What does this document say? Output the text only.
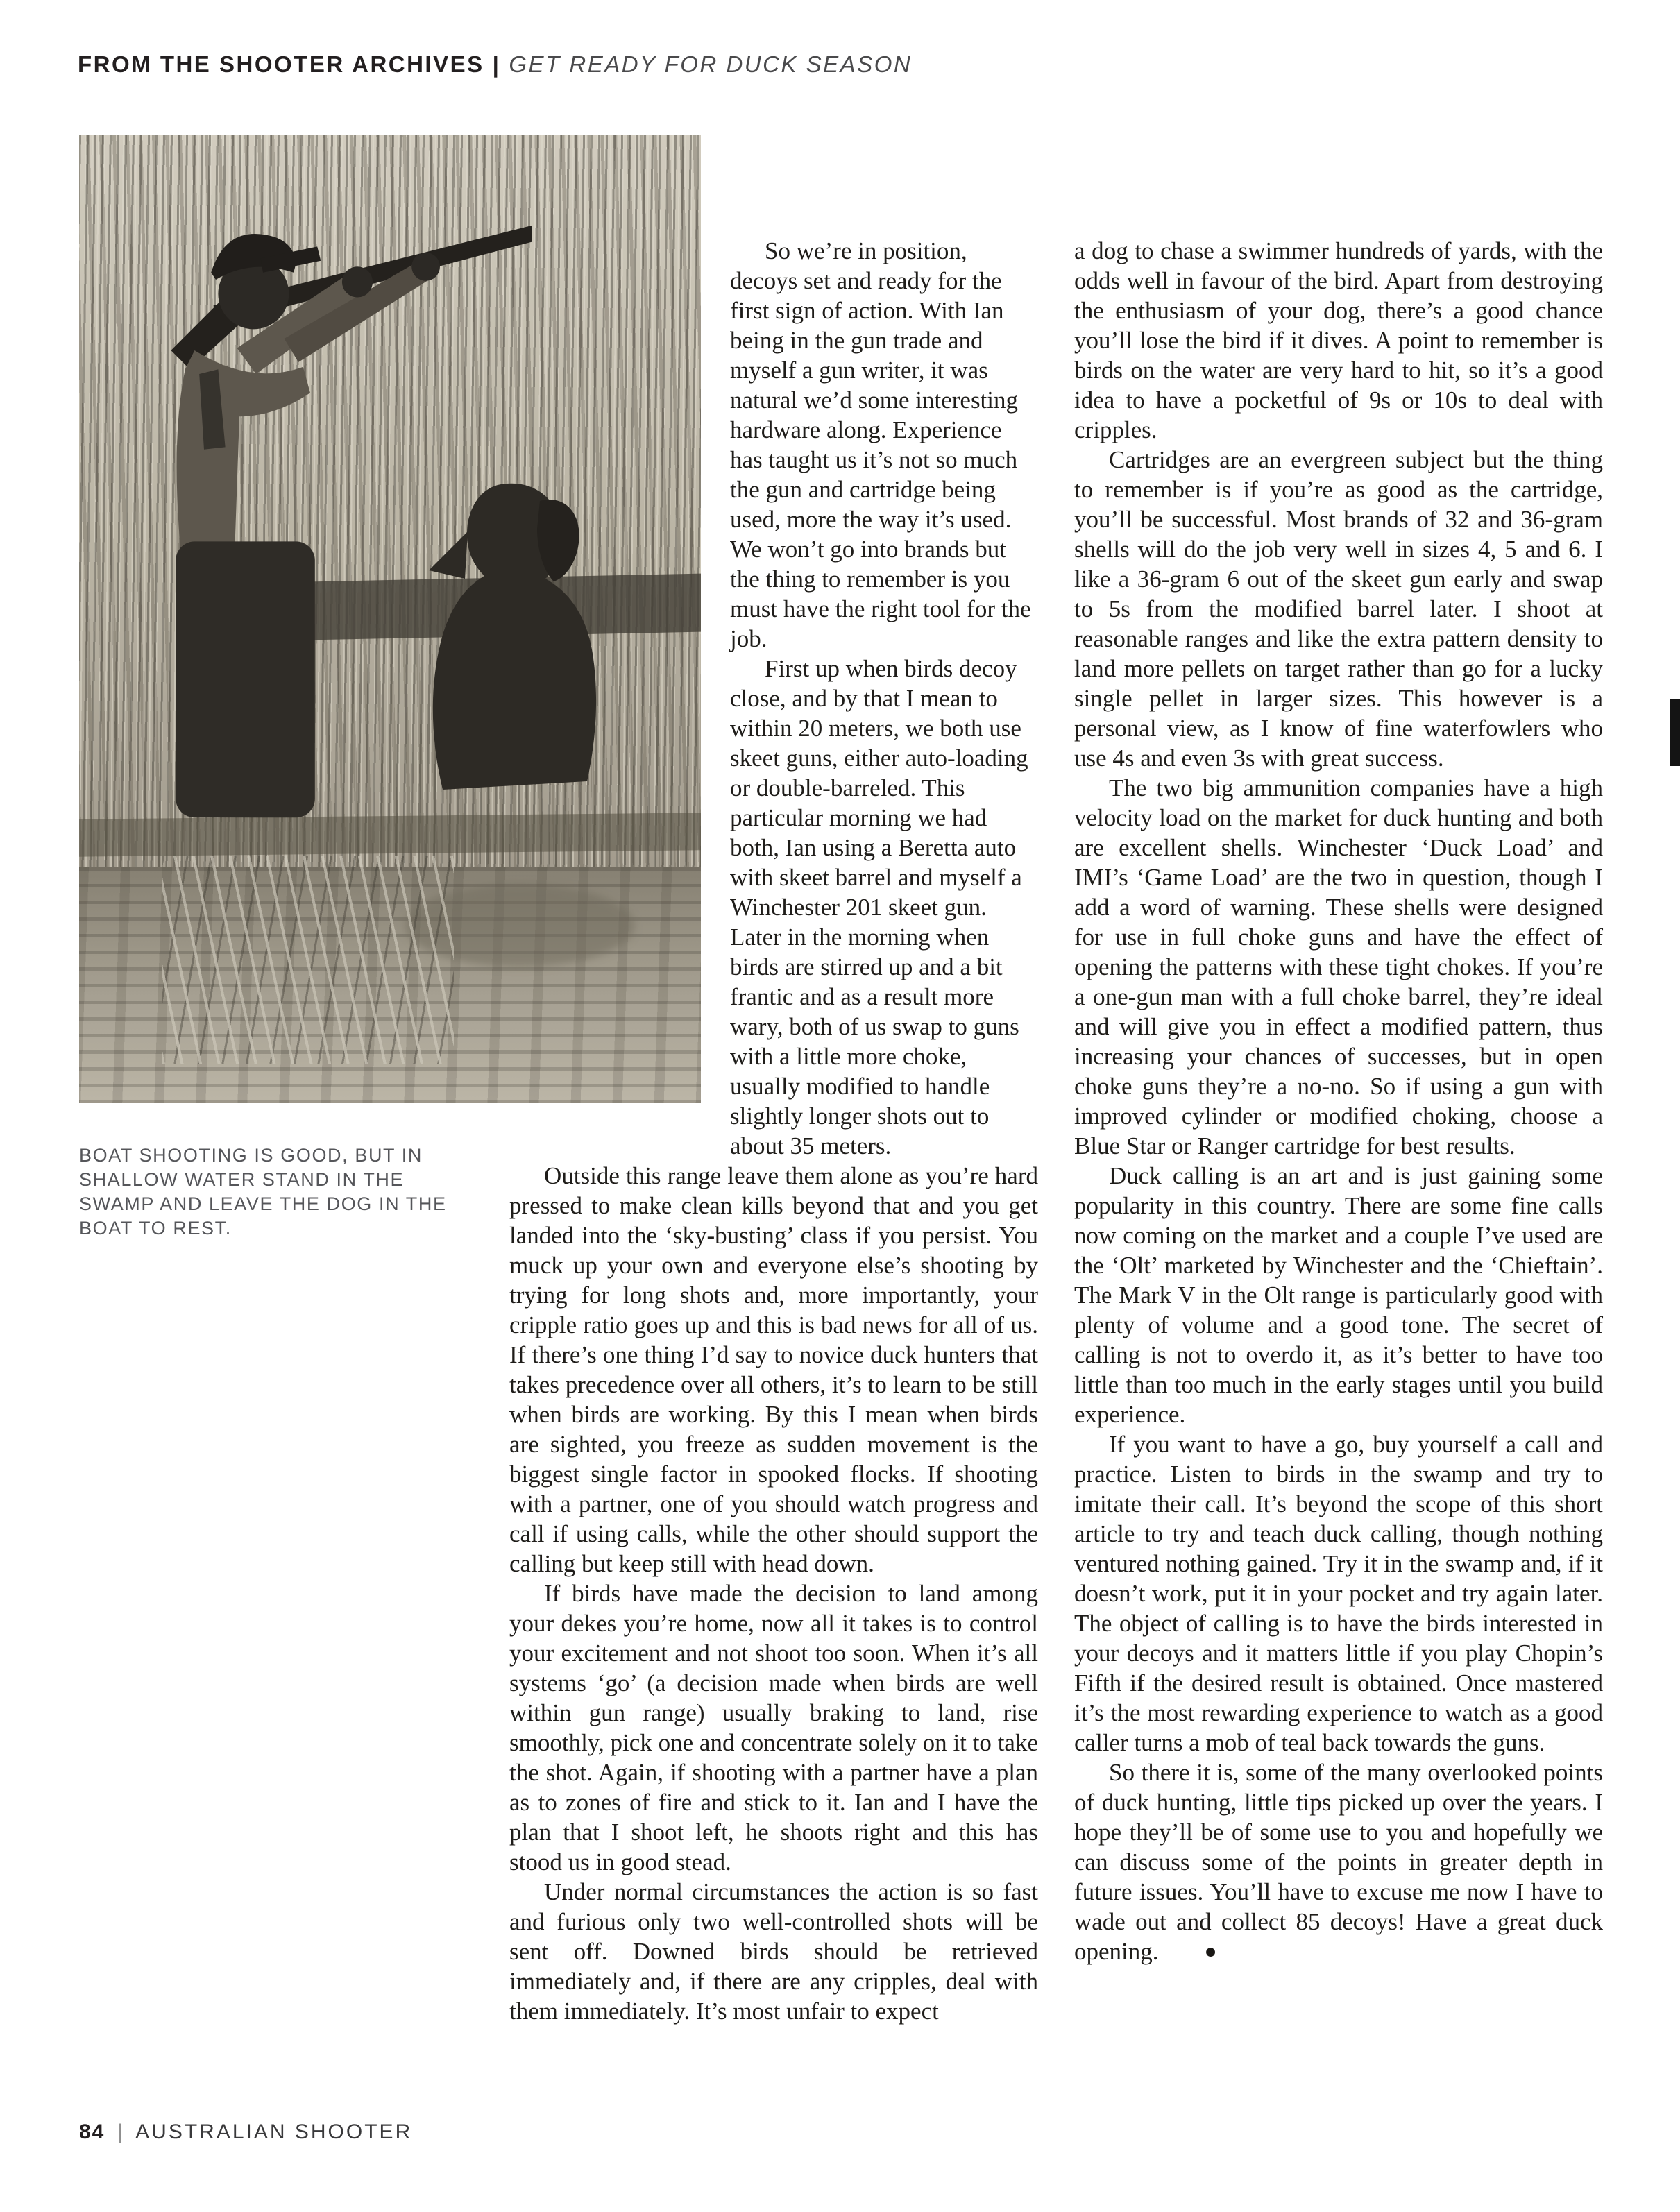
FROM THE SHOOTER ARCHIVES | GET READY FOR DUCK SEASON
BOAT SHOOTING IS GOOD, BUT IN SHALLOW WATER STAND IN THE SWAMP AND LEAVE THE DOG IN THE BOAT TO REST.

So we’re in position, decoys set and ready for the first sign of action. With Ian being in the gun trade and myself a gun writer, it was natural we’d some interesting hardware along. Experience has taught us it’s not so much the gun and cartridge being used, more the way it’s used. We won’t go into brands but the thing to remember is you must have the right tool for the job.

First up when birds decoy close, and by that I mean to within 20 meters, we both use skeet guns, either auto-loading or double-barreled. This particular morning we had both, Ian using a Beretta auto with skeet barrel and myself a Winchester 201 skeet gun. Later in the morning when birds are stirred up and a bit frantic and as a result more wary, both of us swap to guns with a little more choke, usually modified to handle slightly longer shots out to about 35 meters.

Outside this range leave them alone as you’re hard pressed to make clean kills beyond that and you get landed into the ‘sky-busting’ class if you persist. You muck up your own and everyone else’s shooting by trying for long shots and, more importantly, your cripple ratio goes up and this is bad news for all of us. If there’s one thing I’d say to novice duck hunters that takes precedence over all others, it’s to learn to be still when birds are working. By this I mean when birds are sighted, you freeze as sudden movement is the biggest single factor in spooked flocks. If shooting with a partner, one of you should watch progress and call if using calls, while the other should support the calling but keep still with head down.

If birds have made the decision to land among your dekes you’re home, now all it takes is to control your excitement and not shoot too soon. When it’s all systems ‘go’ (a decision made when birds are well within gun range) usually braking to land, rise smoothly, pick one and concentrate solely on it to take the shot. Again, if shooting with a partner have a plan as to zones of fire and stick to it. Ian and I have the plan that I shoot left, he shoots right and this has stood us in good stead.

Under normal circumstances the action is so fast and furious only two well-controlled shots will be sent off. Downed birds should be retrieved immediately and, if there are any cripples, deal with them immediately. It’s most unfair to expect

a dog to chase a swimmer hundreds of yards, with the odds well in favour of the bird. Apart from destroying the enthusiasm of your dog, there’s a good chance you’ll lose the bird if it dives. A point to remember is birds on the water are very hard to hit, so it’s a good idea to have a pocketful of 9s or 10s to deal with cripples.

Cartridges are an evergreen subject but the thing to remember is if you’re as good as the cartridge, you’ll be successful. Most brands of 32 and 36-gram shells will do the job very well in sizes 4, 5 and 6. I like a 36-gram 6 out of the skeet gun early and swap to 5s from the modified barrel later. I shoot at reasonable ranges and like the extra pattern density to land more pellets on target rather than go for a lucky single pellet in larger sizes. This however is a personal view, as I know of fine waterfowlers who use 4s and even 3s with great success.

The two big ammunition companies have a high velocity load on the market for duck hunting and both are excellent shells. Winchester ‘Duck Load’ and IMI’s ‘Game Load’ are the two in question, though I add a word of warning. These shells were designed for use in full choke guns and have the effect of opening the patterns with these tight chokes. If you’re a one-gun man with a full choke barrel, they’re ideal and will give you in effect a modified pattern, thus increasing your chances of successes, but in open choke guns they’re a no-no. So if using a gun with improved cylinder or modified choking, choose a Blue Star or Ranger cartridge for best results.

Duck calling is an art and is just gaining some popularity in this country. There are some fine calls now coming on the market and a couple I’ve used are the ‘Olt’ marketed by Winchester and the ‘Chieftain’. The Mark V in the Olt range is particularly good with plenty of volume and a good tone. The secret of calling is not to overdo it, as it’s better to have too little than too much in the early stages until you build experience.

If you want to have a go, buy yourself a call and practice. Listen to birds in the swamp and try to imitate their call. It’s beyond the scope of this short article to try and teach duck calling, though nothing ventured nothing gained. Try it in the swamp and, if it doesn’t work, put it in your pocket and try again later. The object of calling is to have the birds interested in your decoys and it matters little if you play Chopin’s Fifth if the desired result is obtained. Once mastered it’s the most rewarding experience to watch as a good caller turns a mob of teal back towards the guns.

So there it is, some of the many overlooked points of duck hunting, little tips picked up over the years. I hope they’ll be of some use to you and hopefully we can discuss some of the points in greater depth in future issues. You’ll have to excuse me now I have to wade out and collect 85 decoys! Have a great duck opening. ●

84 | AUSTRALIAN SHOOTER
